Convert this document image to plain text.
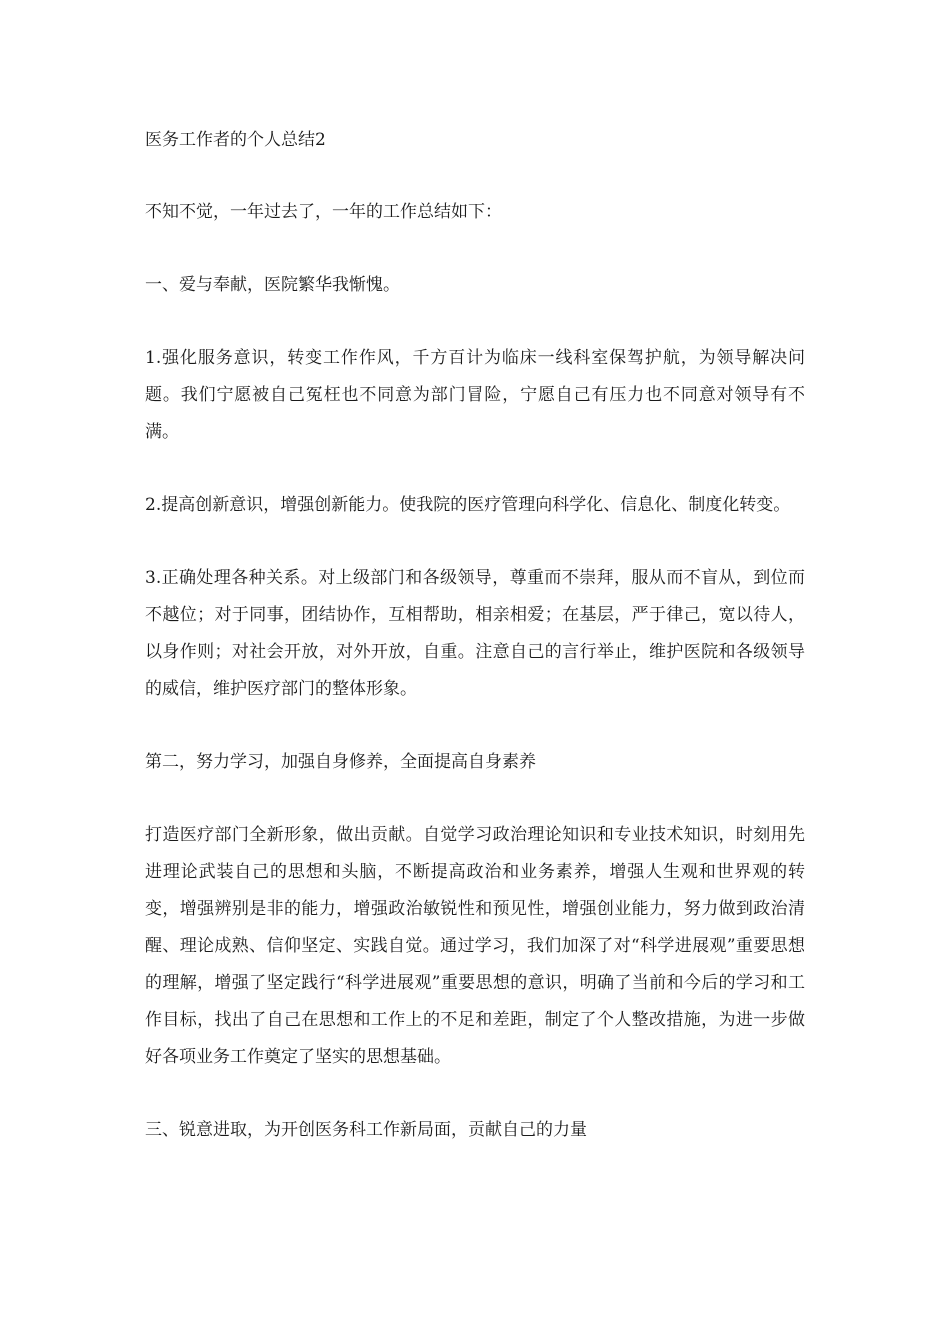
医务工作者的个人总结2

不知不觉，一年过去了，一年的工作总结如下：

一、爱与奉献，医院繁华我惭愧。

1.强化服务意识，转变工作作风，千方百计为临床一线科室保驾护航，为领导解决问题。我们宁愿被自己冤枉也不同意为部门冒险，宁愿自己有压力也不同意对领导有不满。

2.提高创新意识，增强创新能力。使我院的医疗管理向科学化、信息化、制度化转变。

3.正确处理各种关系。对上级部门和各级领导，尊重而不崇拜，服从而不盲从，到位而不越位；对于同事，团结协作，互相帮助，相亲相爱；在基层，严于律己，宽以待人，以身作则；对社会开放，对外开放，自重。注意自己的言行举止，维护医院和各级领导的威信，维护医疗部门的整体形象。

第二，努力学习，加强自身修养，全面提高自身素养

打造医疗部门全新形象，做出贡献。自觉学习政治理论知识和专业技术知识，时刻用先进理论武装自己的思想和头脑，不断提高政治和业务素养，增强人生观和世界观的转变，增强辨别是非的能力，增强政治敏锐性和预见性，增强创业能力，努力做到政治清醒、理论成熟、信仰坚定、实践自觉。通过学习，我们加深了对“科学进展观”重要思想的理解，增强了坚定践行“科学进展观”重要思想的意识，明确了当前和今后的学习和工作目标，找出了自己在思想和工作上的不足和差距，制定了个人整改措施，为进一步做好各项业务工作奠定了坚实的思想基础。

三、锐意进取，为开创医务科工作新局面，贡献自己的力量
